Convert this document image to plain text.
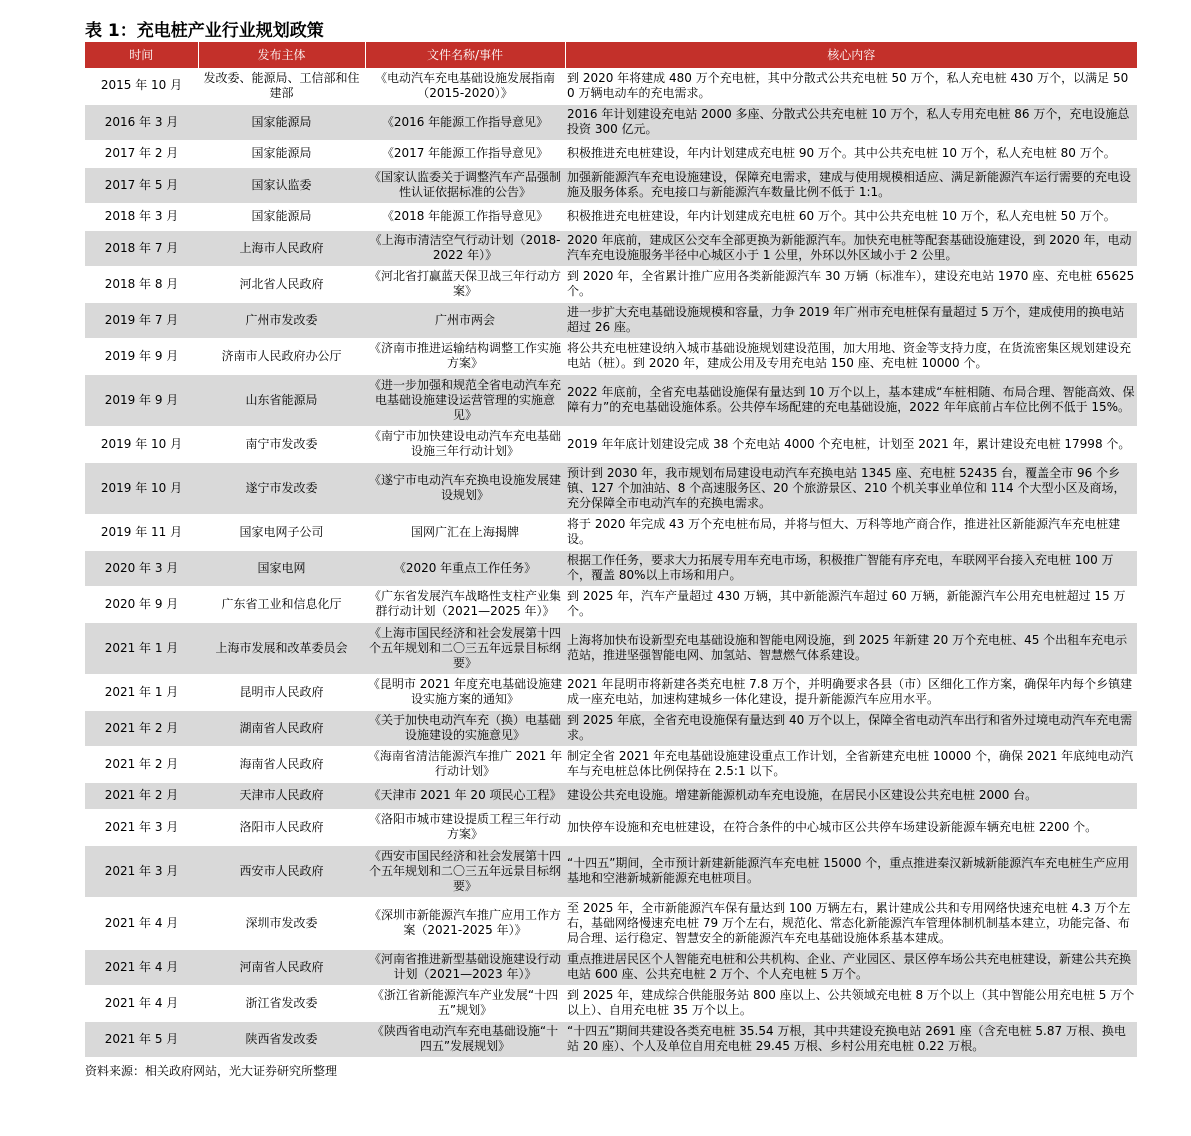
表 1：充电桩产业行业规划政策
时间	发布主体	文件名称/事件	核心内容
2015 年 10 月	发改委、能源局、工信部和住建部	《电动汽车充电基础设施发展指南（2015-2020）》	到 2020 年将建成 480 万个充电桩，其中分散式公共充电桩 50 万个，私人充电桩 430 万个，以满足 500 万辆电动车的充电需求。
2016 年 3 月	国家能源局	《2016 年能源工作指导意见》	2016 年计划建设充电站 2000 多座、分散式公共充电桩 10 万个，私人专用充电桩 86 万个，充电设施总投资 300 亿元。
2017 年 2 月	国家能源局	《2017 年能源工作指导意见》	积极推进充电桩建设，年内计划建成充电桩 90 万个。其中公共充电桩 10 万个，私人充电桩 80 万个。
2017 年 5 月	国家认监委	《国家认监委关于调整汽车产品强制性认证依据标准的公告》	加强新能源汽车充电设施建设，保障充电需求，建成与使用规模相适应、满足新能源汽车运行需要的充电设施及服务体系。充电接口与新能源汽车数量比例不低于 1:1。
2018 年 3 月	国家能源局	《2018 年能源工作指导意见》	积极推进充电桩建设，年内计划建成充电桩 60 万个。其中公共充电桩 10 万个，私人充电桩 50 万个。
2018 年 7 月	上海市人民政府	《上海市清洁空气行动计划（2018-2022 年）》	2020 年底前，建成区公交车全部更换为新能源汽车。加快充电桩等配套基础设施建设，到 2020 年，电动汽车充电设施服务半径中心城区小于 1 公里，外环以外区域小于 2 公里。
2018 年 8 月	河北省人民政府	《河北省打赢蓝天保卫战三年行动方案》	到 2020 年，全省累计推广应用各类新能源汽车 30 万辆（标准车），建设充电站 1970 座、充电桩 65625 个。
2019 年 7 月	广州市发改委	广州市两会	进一步扩大充电基础设施规模和容量，力争 2019 年广州市充电桩保有量超过 5 万个，建成使用的换电站超过 26 座。
2019 年 9 月	济南市人民政府办公厅	《济南市推进运输结构调整工作实施方案》	将公共充电桩建设纳入城市基础设施规划建设范围，加大用地、资金等支持力度，在货流密集区规划建设充电站（桩）。到 2020 年，建成公用及专用充电站 150 座、充电桩 10000 个。
2019 年 9 月	山东省能源局	《进一步加强和规范全省电动汽车充电基础设施建设运营管理的实施意见》	2022 年底前，全省充电基础设施保有量达到 10 万个以上，基本建成“车桩相随、布局合理、智能高效、保障有力”的充电基础设施体系。公共停车场配建的充电基础设施，2022 年年底前占车位比例不低于 15%。
2019 年 10 月	南宁市发改委	《南宁市加快建设电动汽车充电基础设施三年行动计划》	2019 年年底计划建设完成 38 个充电站 4000 个充电桩，计划至 2021 年，累计建设充电桩 17998 个。
2019 年 10 月	遂宁市发改委	《遂宁市电动汽车充换电设施发展建设规划》	预计到 2030 年，我市规划布局建设电动汽车充换电站 1345 座、充电桩 52435 台，覆盖全市 96 个乡镇、127 个加油站、8 个高速服务区、20 个旅游景区、210 个机关事业单位和 114 个大型小区及商场，充分保障全市电动汽车的充换电需求。
2019 年 11 月	国家电网子公司	国网广汇在上海揭牌	将于 2020 年完成 43 万个充电桩布局，并将与恒大、万科等地产商合作，推进社区新能源汽车充电桩建设。
2020 年 3 月	国家电网	《2020 年重点工作任务》	根据工作任务，要求大力拓展专用车充电市场，积极推广智能有序充电，车联网平台接入充电桩 100 万个，覆盖 80%以上市场和用户。
2020 年 9 月	广东省工业和信息化厅	《广东省发展汽车战略性支柱产业集群行动计划（2021—2025 年）》	到 2025 年，汽车产量超过 430 万辆，其中新能源汽车超过 60 万辆，新能源汽车公用充电桩超过 15 万个。
2021 年 1 月	上海市发展和改革委员会	《上海市国民经济和社会发展第十四个五年规划和二〇三五年远景目标纲要》	上海将加快布设新型充电基础设施和智能电网设施，到 2025 年新建 20 万个充电桩、45 个出租车充电示范站，推进坚强智能电网、加氢站、智慧燃气体系建设。
2021 年 1 月	昆明市人民政府	《昆明市 2021 年度充电基础设施建设实施方案的通知》	2021 年昆明市将新建各类充电桩 7.8 万个，并明确要求各县（市）区细化工作方案，确保年内每个乡镇建成一座充电站，加速构建城乡一体化建设，提升新能源汽车应用水平。
2021 年 2 月	湖南省人民政府	《关于加快电动汽车充（换）电基础设施建设的实施意见》	到 2025 年底，全省充电设施保有量达到 40 万个以上，保障全省电动汽车出行和省外过境电动汽车充电需求。
2021 年 2 月	海南省人民政府	《海南省清洁能源汽车推广 2021 年行动计划》	制定全省 2021 年充电基础设施建设重点工作计划，全省新建充电桩 10000 个，确保 2021 年底纯电动汽车与充电桩总体比例保持在 2.5:1 以下。
2021 年 2 月	天津市人民政府	《天津市 2021 年 20 项民心工程》	建设公共充电设施。增建新能源机动车充电设施，在居民小区建设公共充电桩 2000 台。
2021 年 3 月	洛阳市人民政府	《洛阳市城市建设提质工程三年行动方案》	加快停车设施和充电桩建设，在符合条件的中心城市区公共停车场建设新能源车辆充电桩 2200 个。
2021 年 3 月	西安市人民政府	《西安市国民经济和社会发展第十四个五年规划和二〇三五年远景目标纲要》	“十四五”期间，全市预计新建新能源汽车充电桩 15000 个，重点推进秦汉新城新能源汽车充电桩生产应用基地和空港新城新能源充电桩项目。
2021 年 4 月	深圳市发改委	《深圳市新能源汽车推广应用工作方案（2021-2025 年）》	至 2025 年，全市新能源汽车保有量达到 100 万辆左右，累计建成公共和专用网络快速充电桩 4.3 万个左右，基础网络慢速充电桩 79 万个左右，规范化、常态化新能源汽车管理体制机制基本建立，功能完备、布局合理、运行稳定、智慧安全的新能源汽车充电基础设施体系基本建成。
2021 年 4 月	河南省人民政府	《河南省推进新型基础设施建设行动计划（2021—2023 年）》	重点推进居民区个人智能充电桩和公共机构、企业、产业园区、景区停车场公共充电桩建设，新建公共充换电站 600 座、公共充电桩 2 万个、个人充电桩 5 万个。
2021 年 4 月	浙江省发改委	《浙江省新能源汽车产业发展“十四五”规划》	到 2025 年，建成综合供能服务站 800 座以上、公共领域充电桩 8 万个以上（其中智能公用充电桩 5 万个以上）、自用充电桩 35 万个以上。
2021 年 5 月	陕西省发改委	《陕西省电动汽车充电基础设施“十四五”发展规划》	“十四五”期间共建设各类充电桩 35.54 万根，其中共建设充换电站 2691 座（含充电桩 5.87 万根、换电站 20 座）、个人及单位自用充电桩 29.45 万根、乡村公用充电桩 0.22 万根。
资料来源：相关政府网站，光大证券研究所整理
